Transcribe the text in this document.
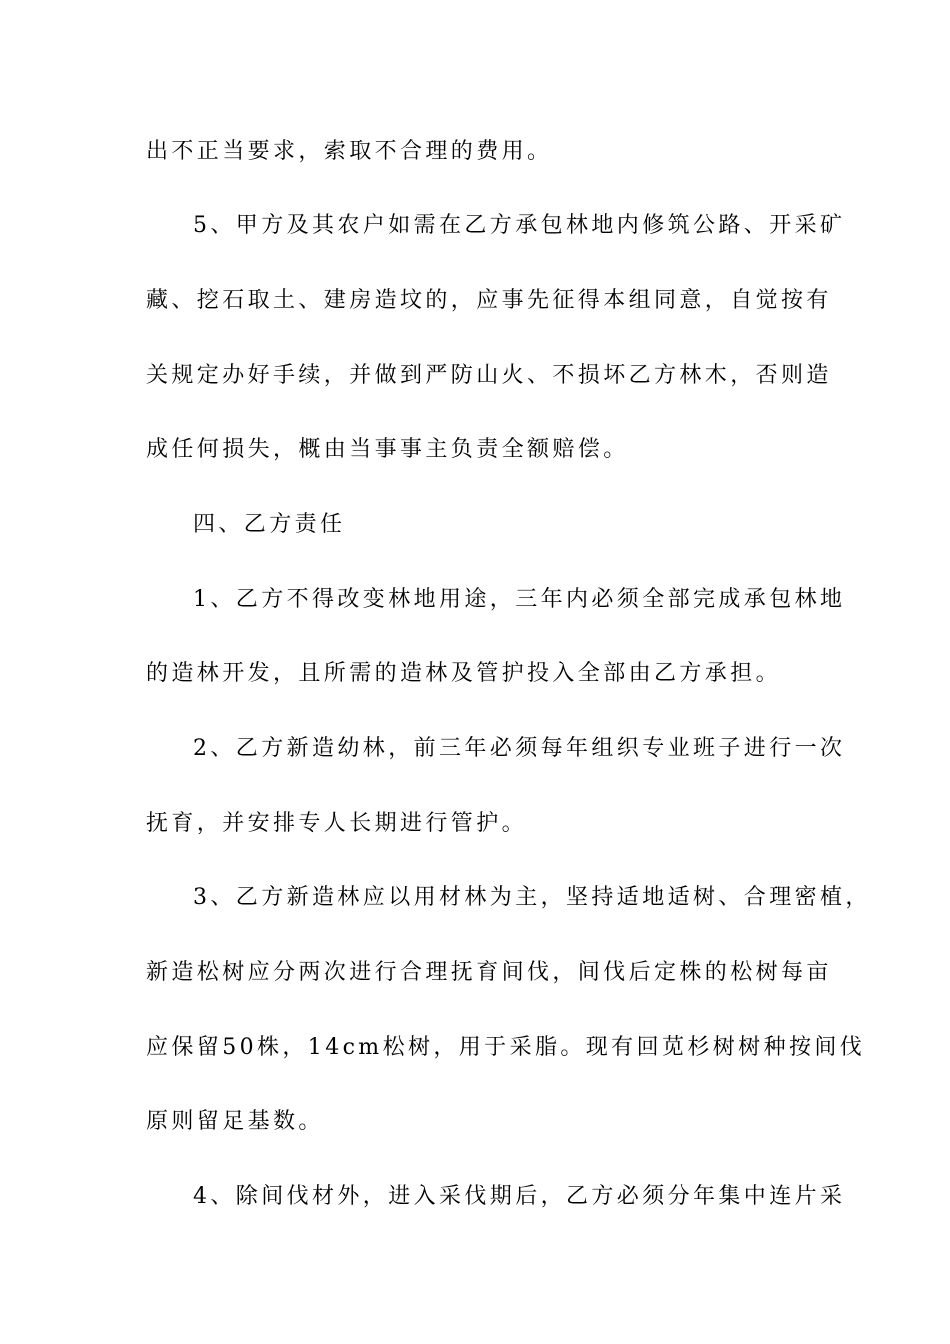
出不正当要求，索取不合理的费用。

5、甲方及其农户如需在乙方承包林地内修筑公路、开采矿

藏、挖石取土、建房造坟的，应事先征得本组同意，自觉按有

关规定办好手续，并做到严防山火、不损坏乙方林木，否则造

成任何损失，概由当事事主负责全额赔偿。

四、乙方责任

1、乙方不得改变林地用途，三年内必须全部完成承包林地

的造林开发，且所需的造林及管护投入全部由乙方承担。

2、乙方新造幼林，前三年必须每年组织专业班子进行一次

抚育，并安排专人长期进行管护。

3、乙方新造林应以用材林为主，坚持适地适树、合理密植，

新造松树应分两次进行合理抚育间伐，间伐后定株的松树每亩

应保留50株，14cm松树，用于采脂。现有回苋杉树树种按间伐

原则留足基数。

4、除间伐材外，进入采伐期后，乙方必须分年集中连片采
